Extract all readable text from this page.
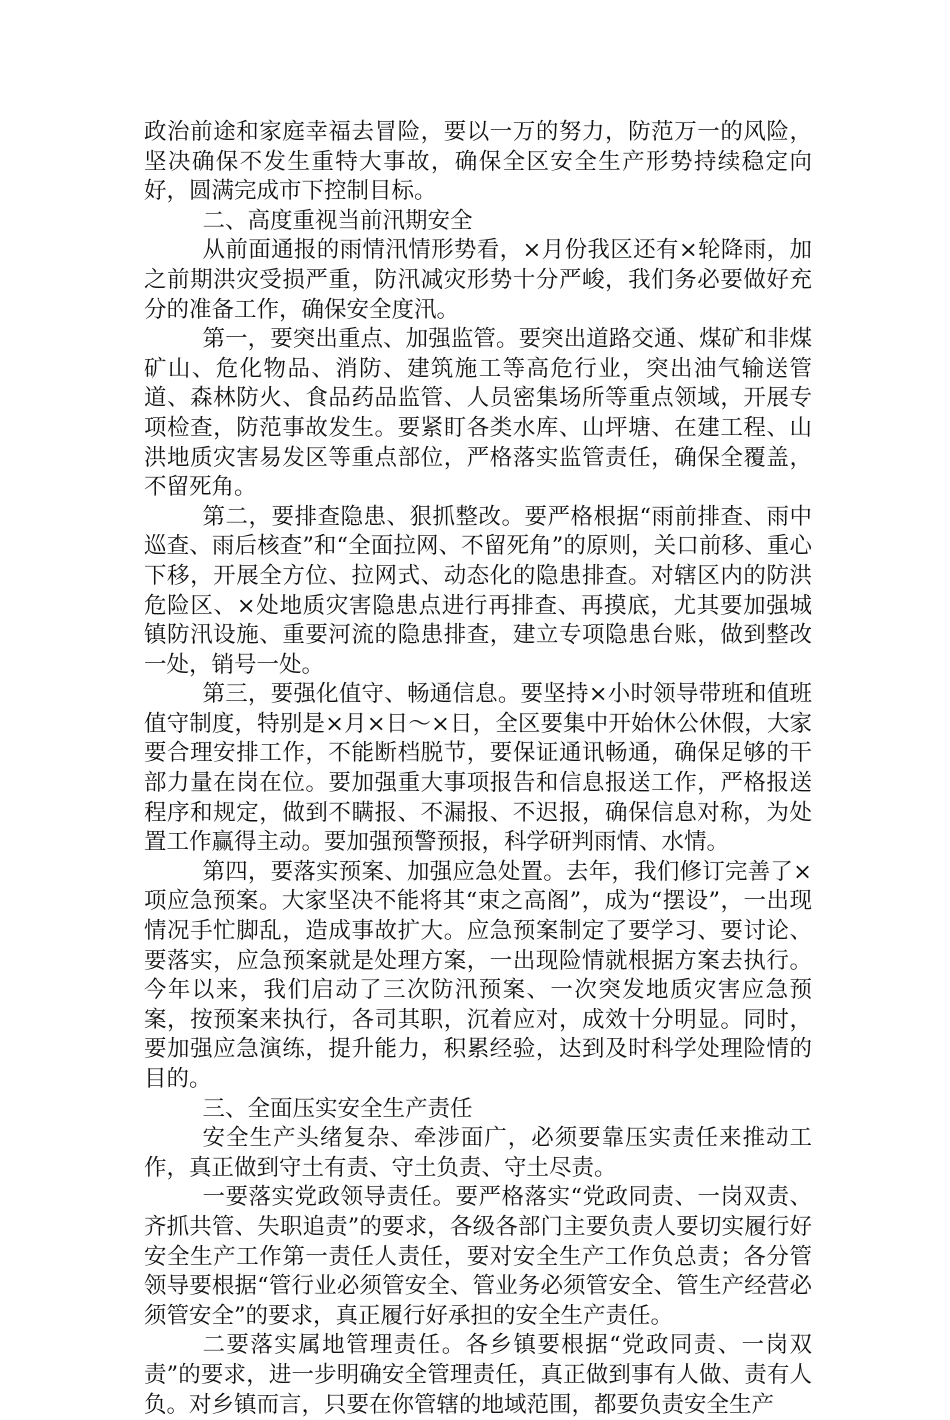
政治前途和家庭幸福去冒险，要以一万的努力，防范万一的风险，坚决确保不发生重特大事故，确保全区安全生产形势持续稳定向好，圆满完成市下控制目标。

二、高度重视当前汛期安全

从前面通报的雨情汛情形势看，×月份我区还有×轮降雨，加之前期洪灾受损严重，防汛减灾形势十分严峻，我们务必要做好充分的准备工作，确保安全度汛。

第一，要突出重点、加强监管。要突出道路交通、煤矿和非煤矿山、危化物品、消防、建筑施工等高危行业，突出油气输送管道、森林防火、食品药品监管、人员密集场所等重点领域，开展专项检查，防范事故发生。要紧盯各类水库、山坪塘、在建工程、山洪地质灾害易发区等重点部位，严格落实监管责任，确保全覆盖，不留死角。

第二，要排查隐患、狠抓整改。要严格根据“雨前排查、雨中巡查、雨后核查”和“全面拉网、不留死角”的原则，关口前移、重心下移，开展全方位、拉网式、动态化的隐患排查。对辖区内的防洪危险区、×处地质灾害隐患点进行再排查、再摸底，尤其要加强城镇防汛设施、重要河流的隐患排查，建立专项隐患台账，做到整改一处，销号一处。

第三，要强化值守、畅通信息。要坚持×小时领导带班和值班值守制度，特别是×月×日～×日，全区要集中开始休公休假，大家要合理安排工作，不能断档脱节，要保证通讯畅通，确保足够的干部力量在岗在位。要加强重大事项报告和信息报送工作，严格报送程序和规定，做到不瞒报、不漏报、不迟报，确保信息对称，为处置工作赢得主动。要加强预警预报，科学研判雨情、水情。

第四，要落实预案、加强应急处置。去年，我们修订完善了×项应急预案。大家坚决不能将其“束之高阁”，成为“摆设”，一出现情况手忙脚乱，造成事故扩大。应急预案制定了要学习、要讨论、要落实，应急预案就是处理方案，一出现险情就根据方案去执行。今年以来，我们启动了三次防汛预案、一次突发地质灾害应急预案，按预案来执行，各司其职，沉着应对，成效十分明显。同时，要加强应急演练，提升能力，积累经验，达到及时科学处理险情的目的。

三、全面压实安全生产责任

安全生产头绪复杂、牵涉面广，必须要靠压实责任来推动工作，真正做到守土有责、守土负责、守土尽责。

一要落实党政领导责任。要严格落实“党政同责、一岗双责、齐抓共管、失职追责”的要求，各级各部门主要负责人要切实履行好安全生产工作第一责任人责任，要对安全生产工作负总责；各分管领导要根据“管行业必须管安全、管业务必须管安全、管生产经营必须管安全”的要求，真正履行好承担的安全生产责任。

二要落实属地管理责任。各乡镇要根据“党政同责、一岗双责”的要求，进一步明确安全管理责任，真正做到事有人做、责有人负。对乡镇而言，只要在你管辖的地域范围，都要负责安全生产
